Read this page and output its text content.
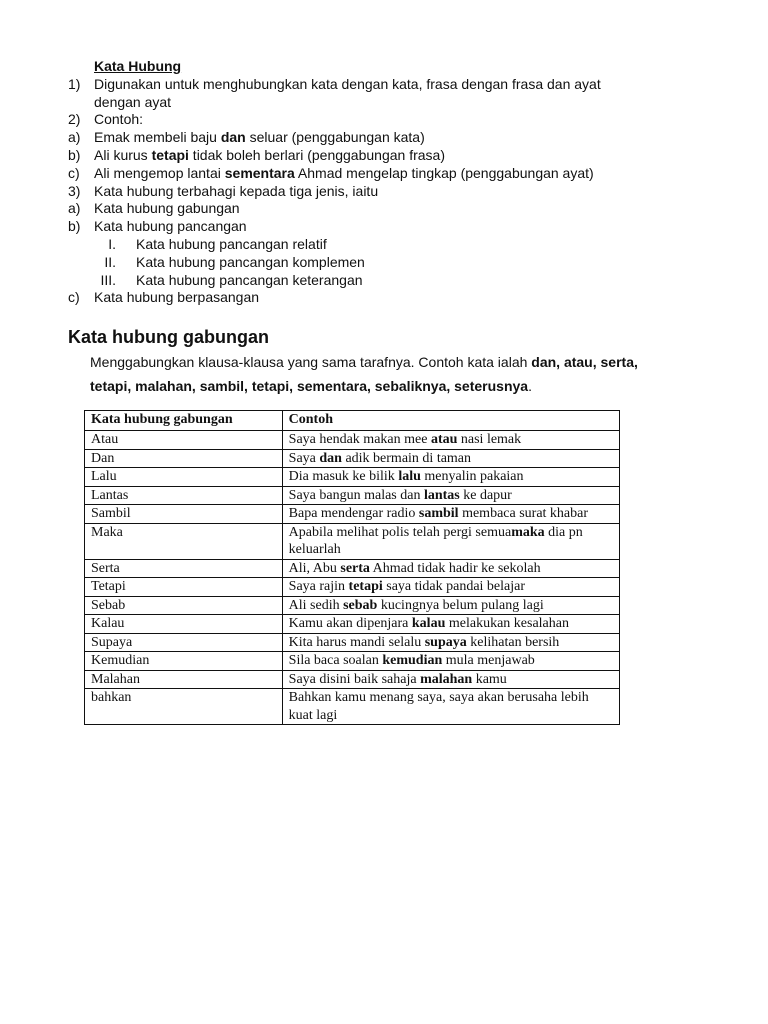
Kata Hubung
1) Digunakan untuk menghubungkan kata dengan kata, frasa dengan frasa dan ayat
dengan ayat
2) Contoh:
a) Emak membeli baju dan seluar (penggabungan kata)
b) Ali kurus tetapi tidak boleh berlari (penggabungan frasa)
c) Ali mengemop lantai sementara Ahmad mengelap tingkap (penggabungan ayat)
3) Kata hubung terbahagi kepada tiga jenis, iaitu
a) Kata hubung gabungan
b) Kata hubung pancangan
I. Kata hubung pancangan relatif
II. Kata hubung pancangan komplemen
III. Kata hubung pancangan keterangan
c) Kata hubung berpasangan
Kata hubung gabungan

Menggabungkan klausa-klausa yang sama tarafnya. Contoh kata ialah dan, atau, serta, tetapi, malahan, sambil, tetapi, sementara, sebaliknya, seterusnya.

Kata hubung gabungan	Contoh
Atau	Saya hendak makan mee atau nasi lemak
Dan	Saya dan adik bermain di taman
Lalu	Dia masuk ke bilik lalu menyalin pakaian
Lantas	Saya bangun malas dan lantas ke dapur
Sambil	Bapa mendengar radio sambil membaca surat khabar
Maka	Apabila melihat polis telah pergi semuamaka dia pn keluarlah
Serta	Ali, Abu serta Ahmad tidak hadir ke sekolah
Tetapi	Saya rajin tetapi saya tidak pandai belajar
Sebab	Ali sedih sebab kucingnya belum pulang lagi
Kalau	Kamu akan dipenjara kalau melakukan kesalahan
Supaya	Kita harus mandi selalu supaya kelihatan bersih
Kemudian	Sila baca soalan kemudian mula menjawab
Malahan	Saya disini baik sahaja malahan kamu
bahkan	Bahkan kamu menang saya, saya akan berusaha lebih kuat lagi
